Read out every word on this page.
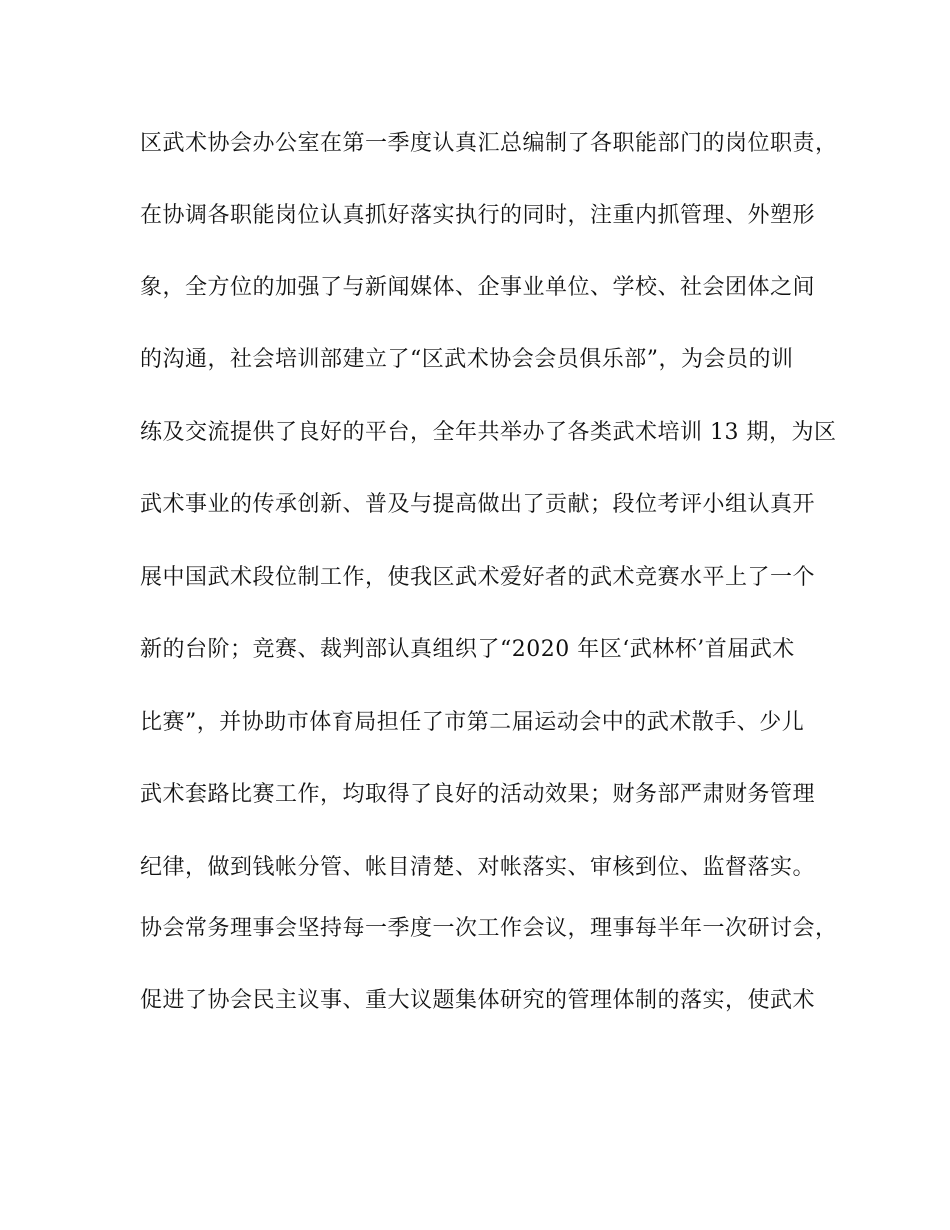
区武术协会办公室在第一季度认真汇总编制了各职能部门的岗位职责，
在协调各职能岗位认真抓好落实执行的同时，注重内抓管理、外塑形
象，全方位的加强了与新闻媒体、企事业单位、学校、社会团体之间
的沟通，社会培训部建立了“区武术协会会员俱乐部”，为会员的训
练及交流提供了良好的平台，全年共举办了各类武术培训 13 期，为区
武术事业的传承创新、普及与提高做出了贡献；段位考评小组认真开
展中国武术段位制工作，使我区武术爱好者的武术竞赛水平上了一个
新的台阶；竞赛、裁判部认真组织了“2020 年区‘武林杯’首届武术
比赛”，并协助市体育局担任了市第二届运动会中的武术散手、少儿
武术套路比赛工作，均取得了良好的活动效果；财务部严肃财务管理
纪律，做到钱帐分管、帐目清楚、对帐落实、审核到位、监督落实。
协会常务理事会坚持每一季度一次工作会议，理事每半年一次研讨会，
促进了协会民主议事、重大议题集体研究的管理体制的落实，使武术
